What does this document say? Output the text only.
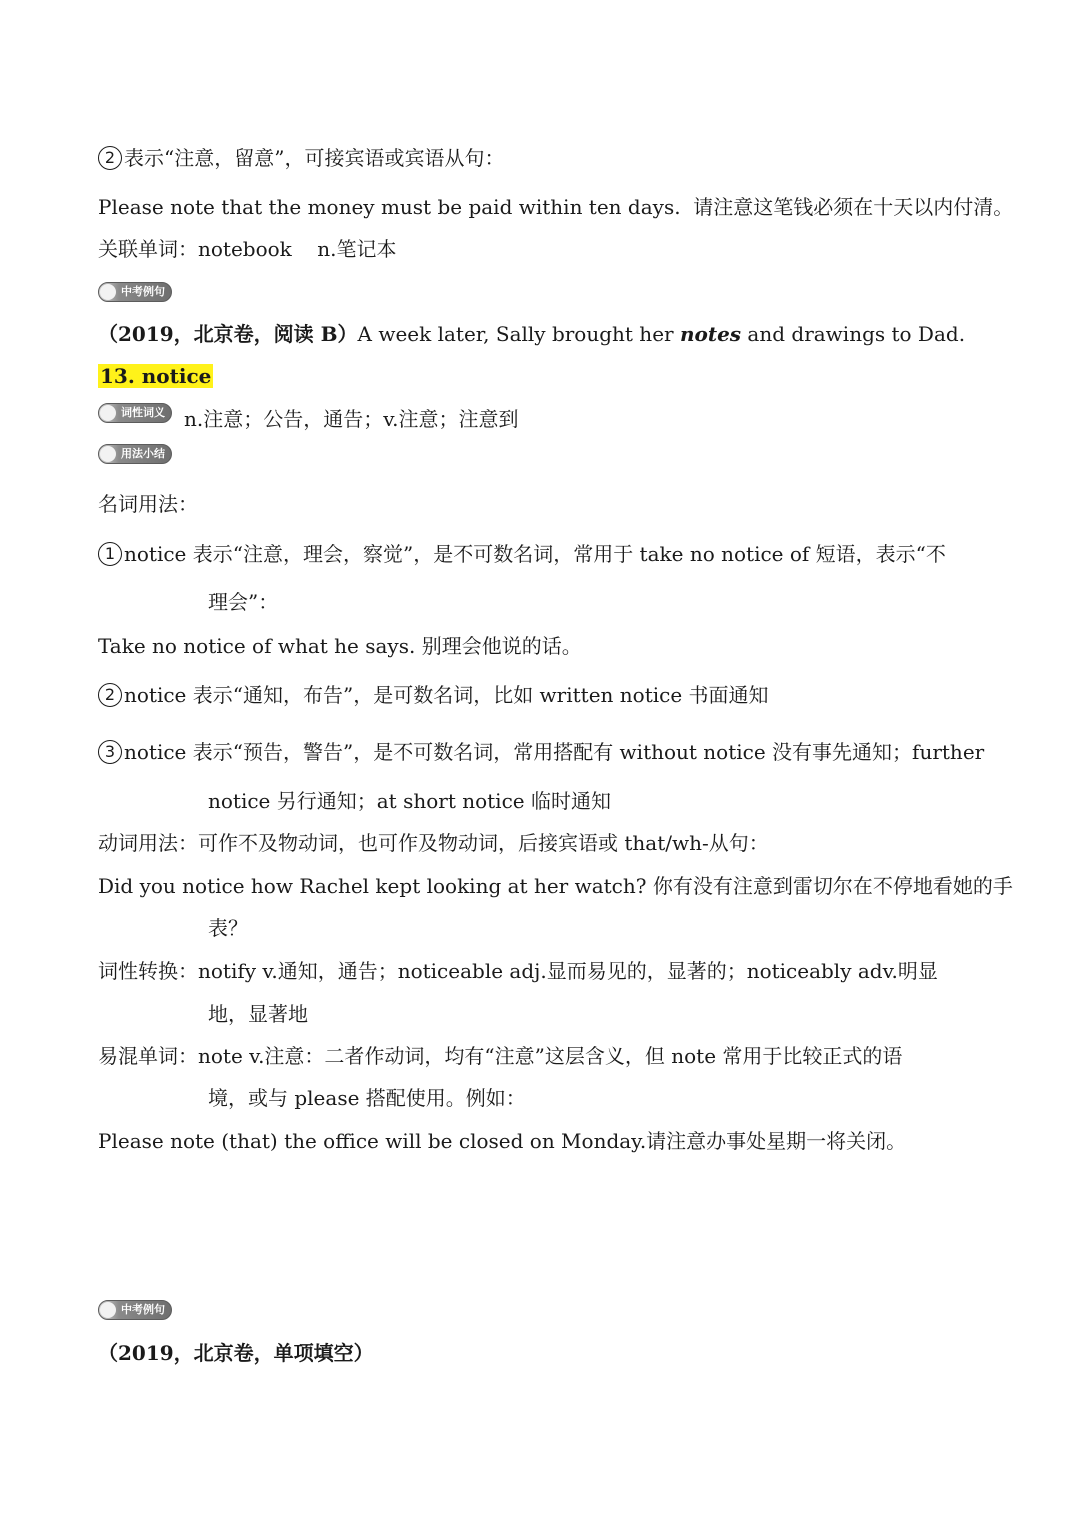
2 表示“注意，留意”，可接宾语或宾语从句：
Please note that the money must be paid within ten days. 请注意这笔钱必须在十天以内付清。
关联单词：notebook n.笔记本
中考例句
（2019，北京卷，阅读 B）A week later, Sally brought her notes and drawings to Dad.
13. notice
词性词义 n.注意；公告，通告；v.注意；注意到
用法小结
名词用法：
1 notice 表示“注意，理会，察觉”，是不可数名词，常用于 take no notice of 短语，表示“不
理会”：
Take no notice of what he says. 别理会他说的话。
2 notice 表示“通知，布告”，是可数名词，比如 written notice 书面通知
3 notice 表示“预告，警告”，是不可数名词，常用搭配有 without notice 没有事先通知；further
notice 另行通知；at short notice 临时通知
动词用法：可作不及物动词，也可作及物动词，后接宾语或 that/wh-从句：
Did you notice how Rachel kept looking at her watch? 你有没有注意到雷切尔在不停地看她的手
表？
词性转换：notify v.通知，通告；noticeable adj.显而易见的，显著的；noticeably adv.明显
地，显著地
易混单词：note v.注意：二者作动词，均有“注意”这层含义，但 note 常用于比较正式的语
境，或与 please 搭配使用。例如：
Please note (that) the office will be closed on Monday.请注意办事处星期一将关闭。
中考例句
（2019，北京卷，单项填空）
